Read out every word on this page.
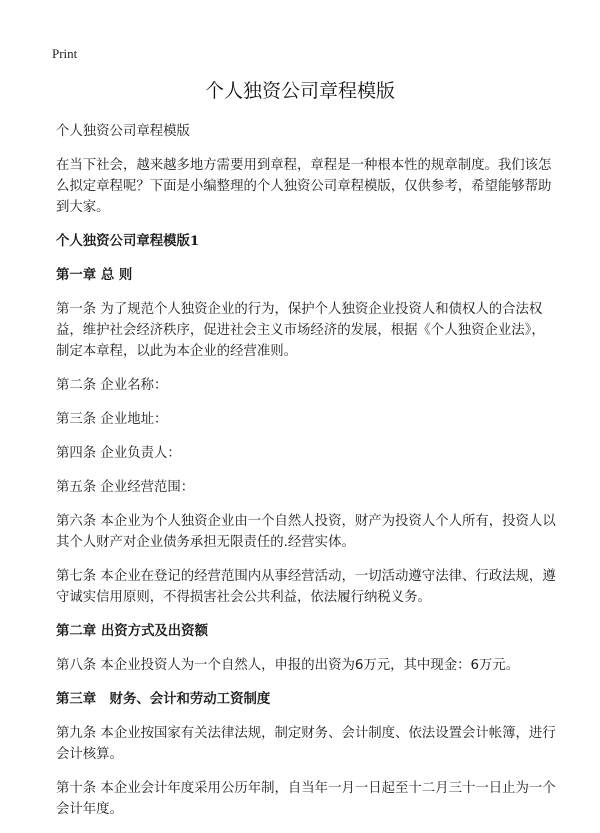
Print
个人独资公司章程模版

个人独资公司章程模版

在当下社会，越来越多地方需要用到章程，章程是一种根本性的规章制度。我们该怎么拟定章程呢？下面是小编整理的个人独资公司章程模版，仅供参考，希望能够帮助到大家。

个人独资公司章程模版1
第一章 总 则

第一条 为了规范个人独资企业的行为，保护个人独资企业投资人和债权人的合法权益，维护社会经济秩序，促进社会主义市场经济的发展，根据《个人独资企业法》，制定本章程，以此为本企业的经营准则。

第二条 企业名称：

第三条 企业地址：

第四条 企业负责人：

第五条 企业经营范围：

第六条 本企业为个人独资企业由一个自然人投资，财产为投资人个人所有，投资人以其个人财产对企业债务承担无限责任的.经营实体。

第七条 本企业在登记的经营范围内从事经营活动，一切活动遵守法律、行政法规，遵守诚实信用原则，不得损害社会公共利益，依法履行纳税义务。

第二章 出资方式及出资额

第八条 本企业投资人为一个自然人，申报的出资为6万元，其中现金：6万元。

第三章　财务、会计和劳动工资制度

第九条 本企业按国家有关法律法规，制定财务、会计制度、依法设置会计帐簿，进行会计核算。

第十条 本企业会计年度采用公历年制，自当年一月一日起至十二月三十一日止为一个会计年度。
